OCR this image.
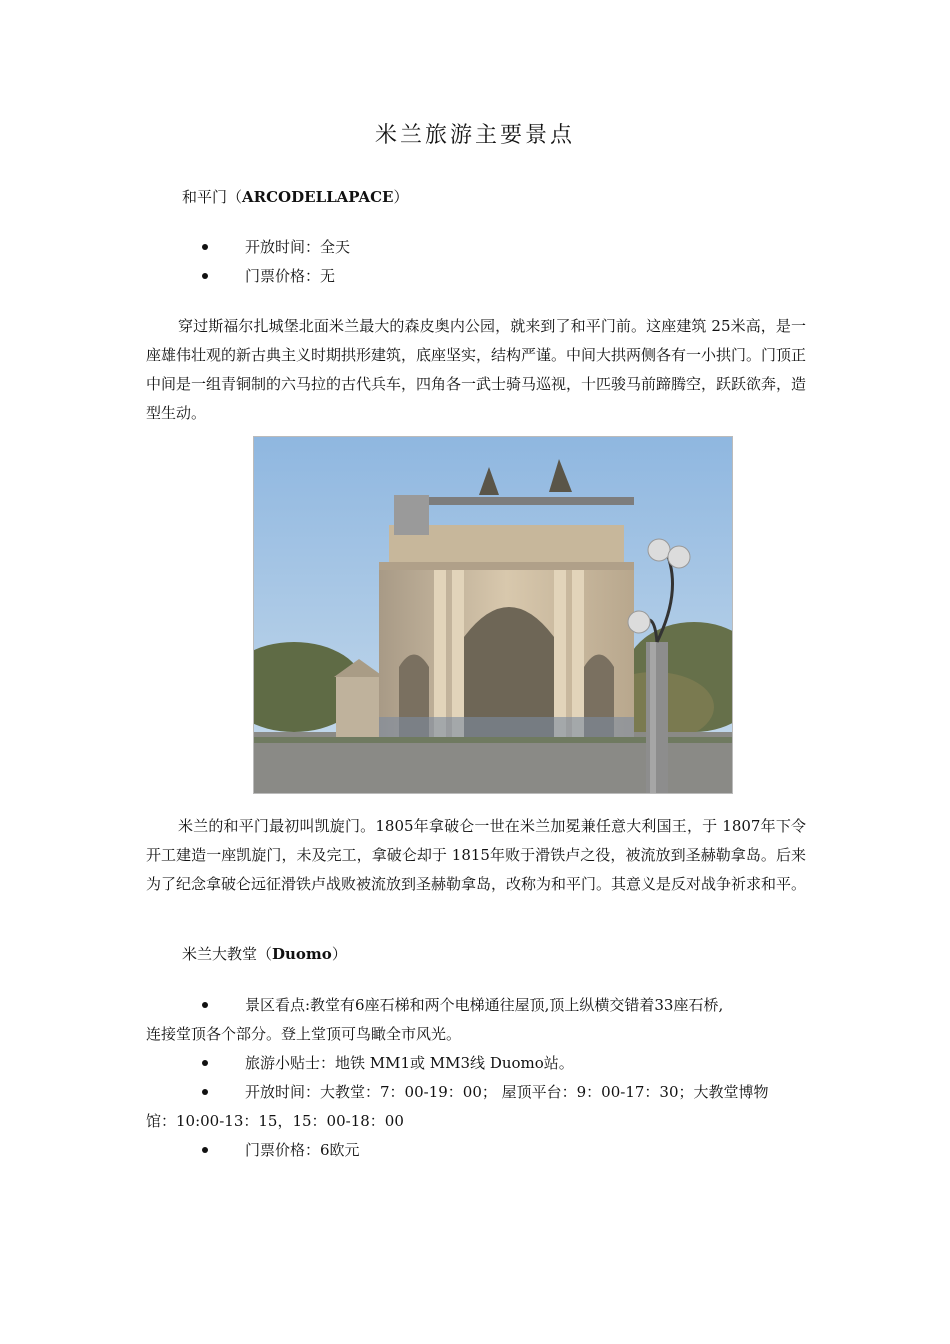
米兰旅游主要景点
和平门（ARCODELLAPACE）
开放时间：全天
门票价格：无
穿过斯福尔扎城堡北面米兰最大的森皮奥内公园，就来到了和平门前。这座建筑 25米高，是一座雄伟壮观的新古典主义时期拱形建筑，底座坚实，结构严谨。中间大拱两侧各有一小拱门。门顶正中间是一组青铜制的六马拉的古代兵车，四角各一武士骑马巡视，十匹骏马前蹄腾空，跃跃欲奔，造型生动。
米兰的和平门最初叫凯旋门。1805年拿破仑一世在米兰加冕兼任意大利国王，于 1807年下令开工建造一座凯旋门，未及完工，拿破仑却于 1815年败于滑铁卢之役，被流放到圣赫勒拿岛。后来为了纪念拿破仑远征滑铁卢战败被流放到圣赫勒拿岛，改称为和平门。其意义是反对战争祈求和平。
米兰大教堂（Duomo）
景区看点:教堂有6座石梯和两个电梯通往屋顶,顶上纵横交错着33座石桥,
连接堂顶各个部分。登上堂顶可鸟瞰全市风光。
旅游小贴士：地铁 MM1或 MM3线 Duomo站。
开放时间：大教堂：7：00-19：00； 屋顶平台：9：00-17：30；大教堂博物
馆：10:00-13：15，15：00-18：00
门票价格：6欧元
